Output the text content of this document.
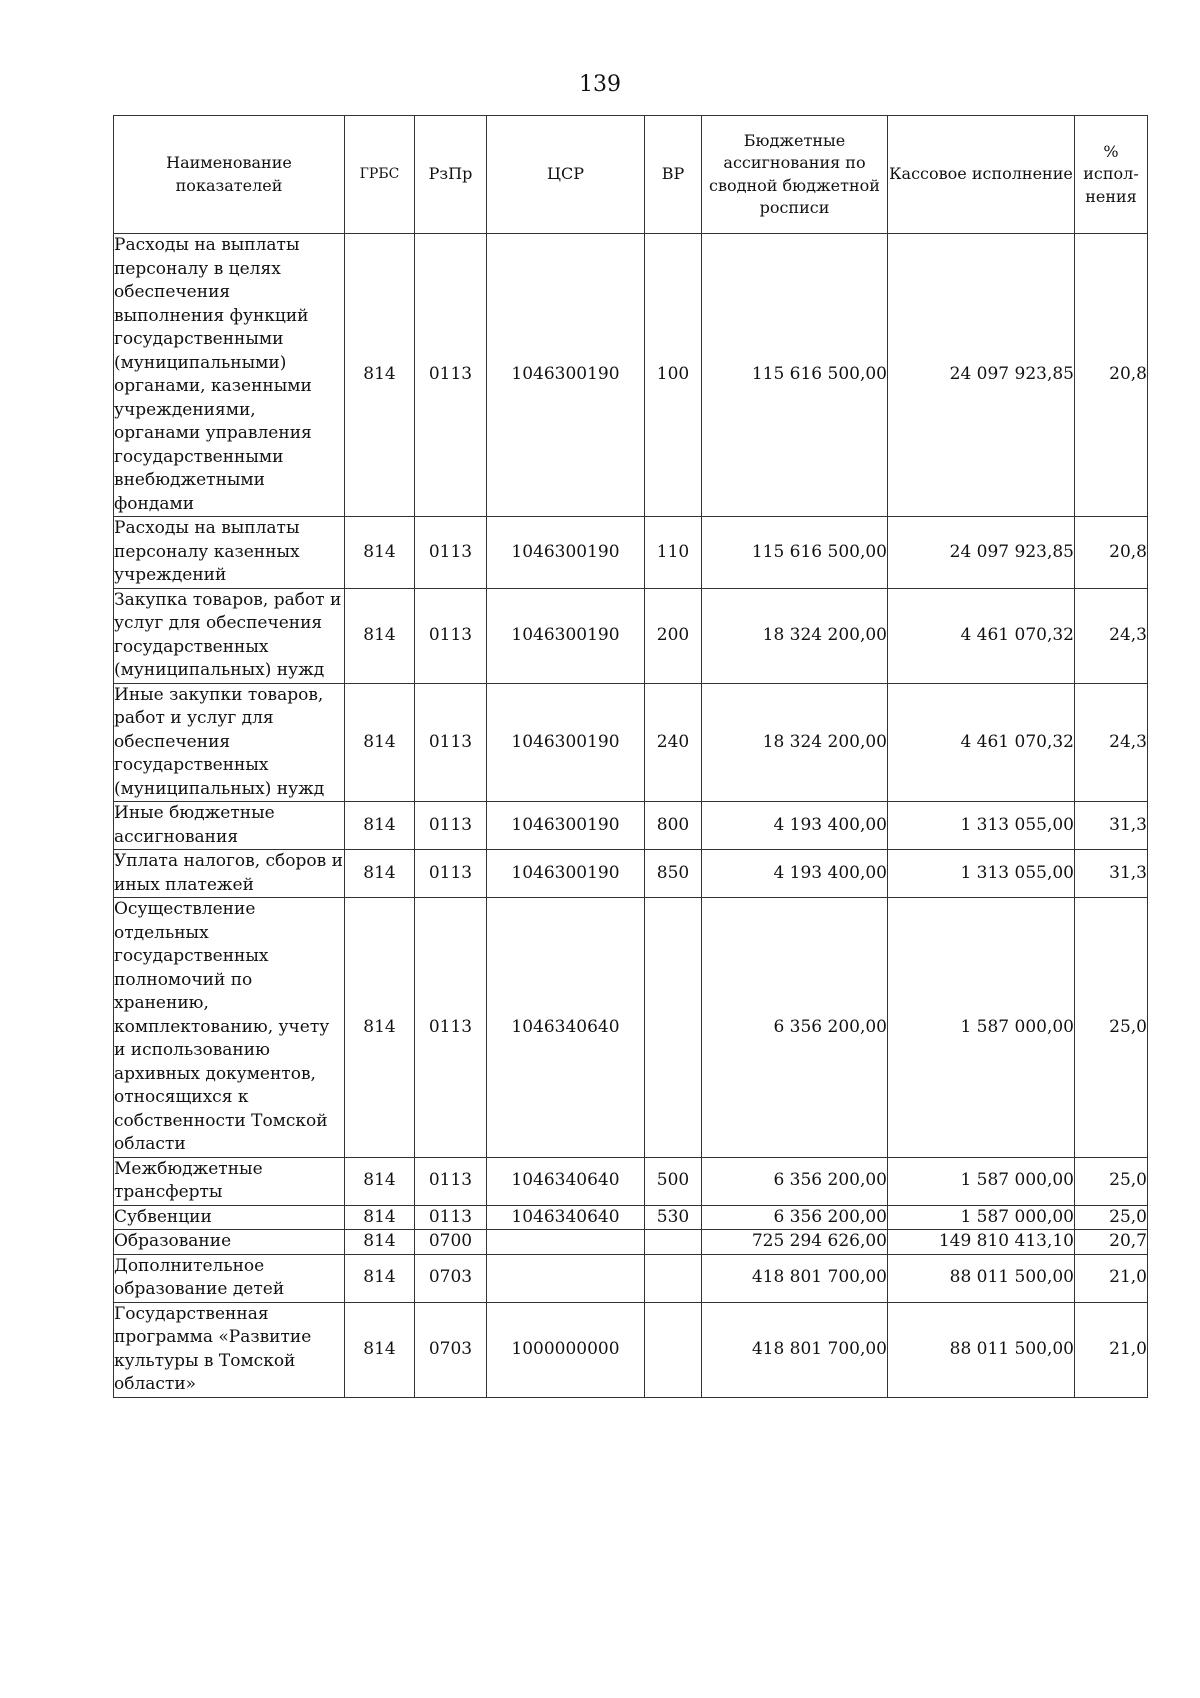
139
Наименование показателей	ГРБС	РзПр	ЦСР	ВР	Бюджетные ассигнования по сводной бюджетной росписи	Кассовое исполнение	% испол-нения
Расходы на выплаты персоналу в целях обеспечения выполнения функций государственными (муниципальными) органами, казенными учреждениями, органами управления государственными внебюджетными фондами	814	0113	1046300190	100	115 616 500,00	24 097 923,85	20,8
Расходы на выплаты персоналу казенных учреждений	814	0113	1046300190	110	115 616 500,00	24 097 923,85	20,8
Закупка товаров, работ и услуг для обеспечения государственных (муниципальных) нужд	814	0113	1046300190	200	18 324 200,00	4 461 070,32	24,3
Иные закупки товаров, работ и услуг для обеспечения государственных (муниципальных) нужд	814	0113	1046300190	240	18 324 200,00	4 461 070,32	24,3
Иные бюджетные ассигнования	814	0113	1046300190	800	4 193 400,00	1 313 055,00	31,3
Уплата налогов, сборов и иных платежей	814	0113	1046300190	850	4 193 400,00	1 313 055,00	31,3
Осуществление отдельных государственных полномочий по хранению, комплектованию, учету и использованию архивных документов, относящихся к собственности Томской области	814	0113	1046340640		6 356 200,00	1 587 000,00	25,0
Межбюджетные трансферты	814	0113	1046340640	500	6 356 200,00	1 587 000,00	25,0
Субвенции	814	0113	1046340640	530	6 356 200,00	1 587 000,00	25,0
Образование	814	0700			725 294 626,00	149 810 413,10	20,7
Дополнительное образование детей	814	0703			418 801 700,00	88 011 500,00	21,0
Государственная программа «Развитие культуры в Томской области»	814	0703	1000000000		418 801 700,00	88 011 500,00	21,0
